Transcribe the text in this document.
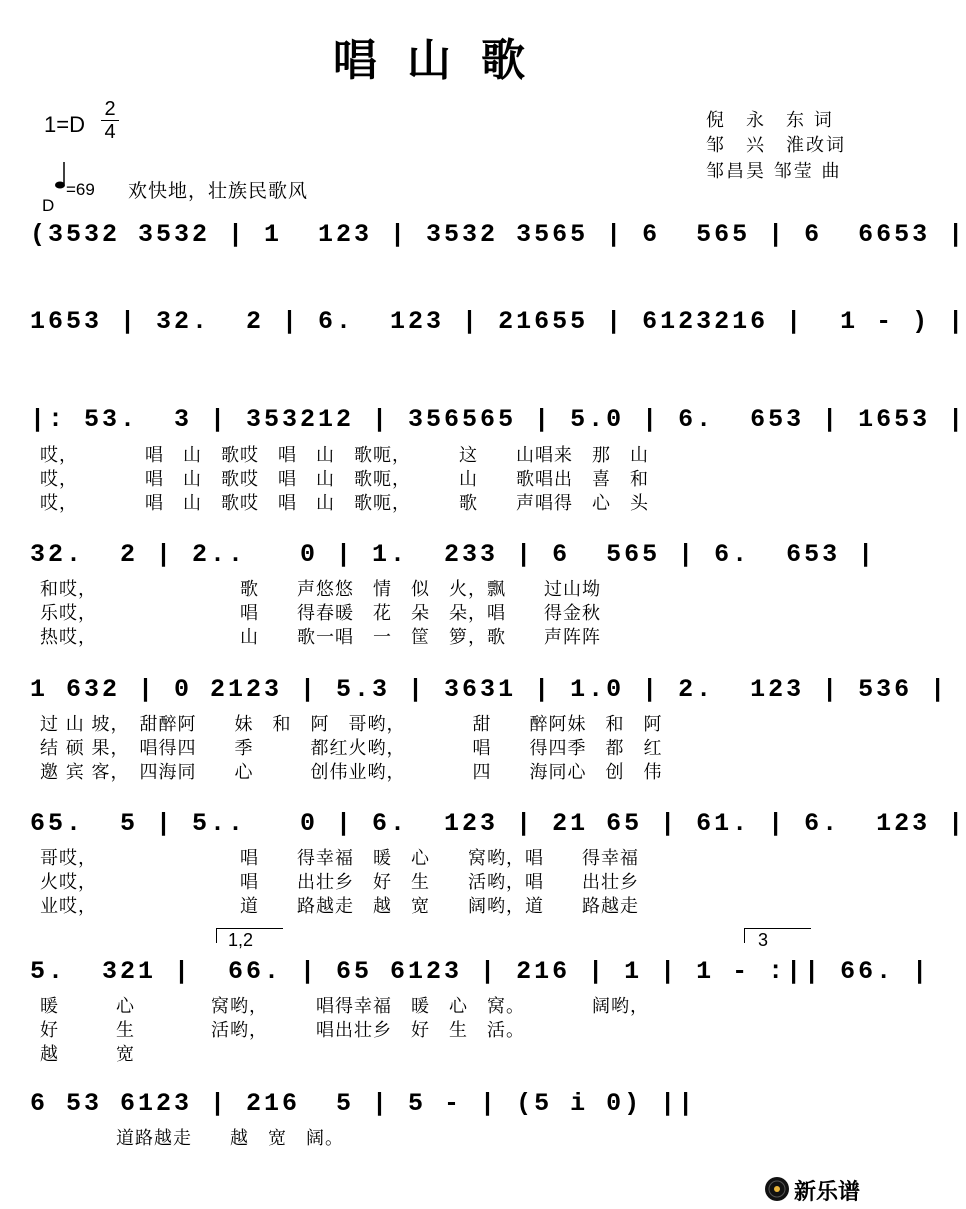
唱山歌
1=D
2
4
倪　永　东 词
邹　兴　淮改词
邹昌昊 邹莹 曲
D
=69 欢快地，壮族民歌风
(3532 3532 | 1  123 | 3532 3565 | 6  565 | 6  6653 |
1653 | 32.  2 | 6.  123 | 21655 | 6123216 |  1 - ) |
|: 53.  3 | 353212 | 356565 | 5.0 | 6.  653 | 1653 |
哎，　　　　唱　山　歌哎　唱　山　歌呃，　　　这　　山唱来　那　山
哎，　　　　唱　山　歌哎　唱　山　歌呃，　　　山　　歌唱出　喜　和
哎，　　　　唱　山　歌哎　唱　山　歌呃，　　　歌　　声唱得　心　头
32.  2 | 2..   0 | 1.  233 | 6  565 | 6.  653 |
和哎，　　　　　　　　歌　　声悠悠　情　似　火，飘　　过山坳
乐哎，　　　　　　　　唱　　得春暖　花　朵　朵，唱　　得金秋
热哎，　　　　　　　　山　　歌一唱　一　筐　箩，歌　　声阵阵
1 632 | 0 2123 | 5.3 | 3631 | 1.0 | 2.  123 | 536 |
过 山 坡，　甜醉阿　　妹　和　阿　哥哟，　　　　甜　　醉阿妹　和　阿
结 硕 果，　唱得四　　季　　　都红火哟，　　　　唱　　得四季　都　红
邀 宾 客，　四海同　　心　　　创伟业哟，　　　　四　　海同心　创　伟
65.  5 | 5..   0 | 6.  123 | 21 65 | 61. | 6.  123 |
哥哎，　　　　　　　　唱　　得幸福　暖　心　　窝哟，唱　　得幸福
火哎，　　　　　　　　唱　　出壮乡　好　生　　活哟，唱　　出壮乡
业哎，　　　　　　　　道　　路越走　越　宽　　阔哟，道　　路越走
1,2	3
5.  321 |  66. | 65 6123 | 216 | 1 | 1 - :|| 66. |
暖　　　心　　　　窝哟，　　　唱得幸福　暖　心　窝。　　　　阔哟，
好　　　生　　　　活哟，　　　唱出壮乡　好　生　活。
越　　　宽
6 53 6123 | 216  5 | 5 - | (5 i 0) ||
　　　　道路越走　　越　宽　阔。
新乐谱
